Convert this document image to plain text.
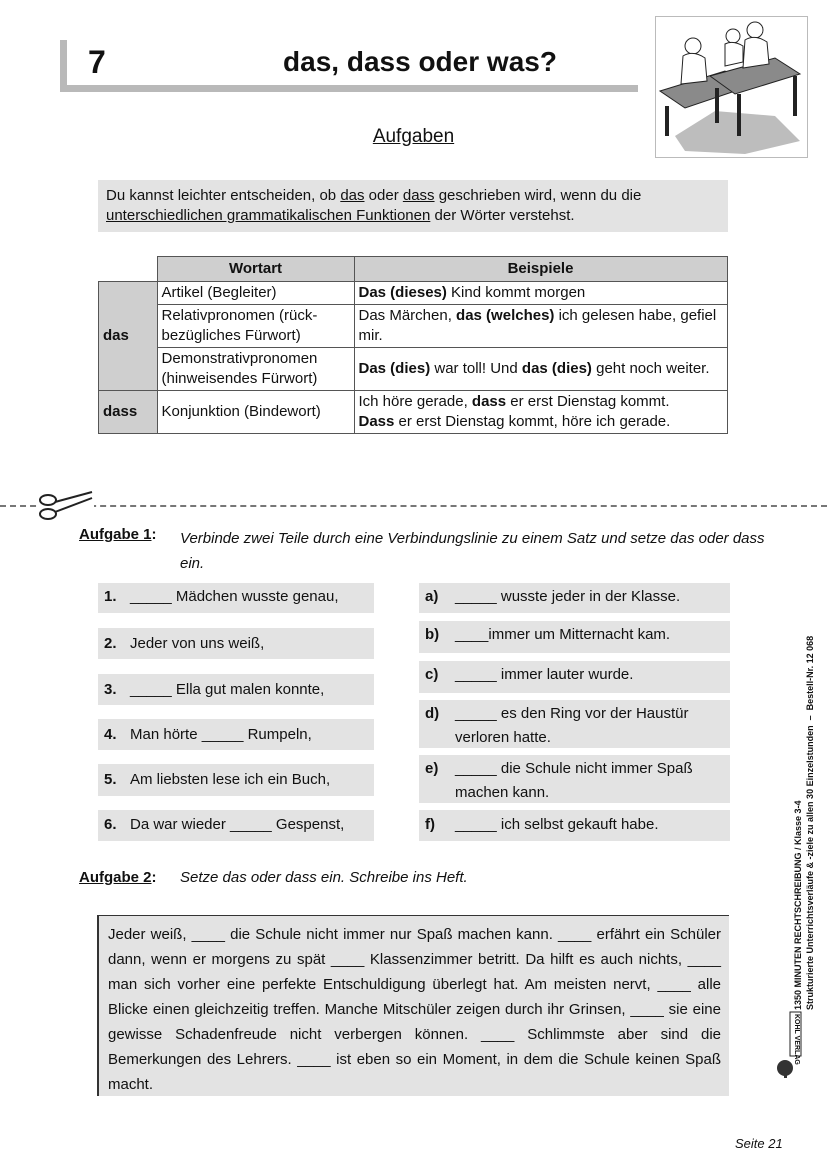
7	das, dass oder was?
Aufgaben
Du kannst leichter entscheiden, ob das oder dass geschrieben wird, wenn du die unterschiedlichen grammatikalischen Funktionen der Wörter verstehst.
	Wortart	Beispiele
das	Artikel (Begleiter)	Das (dieses) Kind kommt morgen
	Relativpronomen (rück-bezügliches Fürwort)	Das Märchen, das (welches) ich gelesen habe, gefiel mir.
	Demonstrativpronomen (hinweisendes Fürwort)	Das (dies) war toll! Und das (dies) geht noch weiter.
dass	Konjunktion (Bindewort)	Ich höre gerade, dass er erst Dienstag kommt.
Dass er erst Dienstag kommt, höre ich gerade.
Aufgabe 1: Verbinde zwei Teile durch eine Verbindungslinie zu einem Satz und setze das oder dass ein.
1. _____ Mädchen wusste genau,
2. Jeder von uns weiß,
3. _____ Ella gut malen konnte,
4. Man hörte _____ Rumpeln,
5. Am liebsten lese ich ein Buch,
6. Da war wieder _____ Gespenst,
a) _____ wusste jeder in der Klasse.
b) ____immer um Mitternacht kam.
c) _____ immer lauter wurde.
d) _____ es den Ring vor der Haustür verloren hatte.
e) _____ die Schule nicht immer Spaß machen kann.
f) _____ ich selbst gekauft habe.
Aufgabe 2: Setze das oder dass ein. Schreibe ins Heft.
Jeder weiß, ____ die Schule nicht immer nur Spaß machen kann. ____ erfährt ein Schüler dann, wenn er morgens zu spät ____ Klassenzimmer betritt. Da hilft es auch nichts, ____ man sich vorher eine perfekte Entschuldigung überlegt hat. Am meisten nervt, ____ alle Blicke einen gleichzeitig treffen. Manche Mitschüler zeigen durch ihr Grinsen, ____ sie eine gewisse Schadenfreude nicht verbergen können. ____ Schlimmste aber sind die Bemerkungen des Lehrers. ____ ist eben so ein Moment, in dem die Schule keinen Spaß macht.
1350 MINUTEN RECHTSCHREIBUNG / Klasse 3-4 Strukturierte Unterrichtsverläufe & -ziele zu allen 30 Einzelstunden  –  Bestell-Nr. 12 068
KOHL VERLAG
Seite 21
